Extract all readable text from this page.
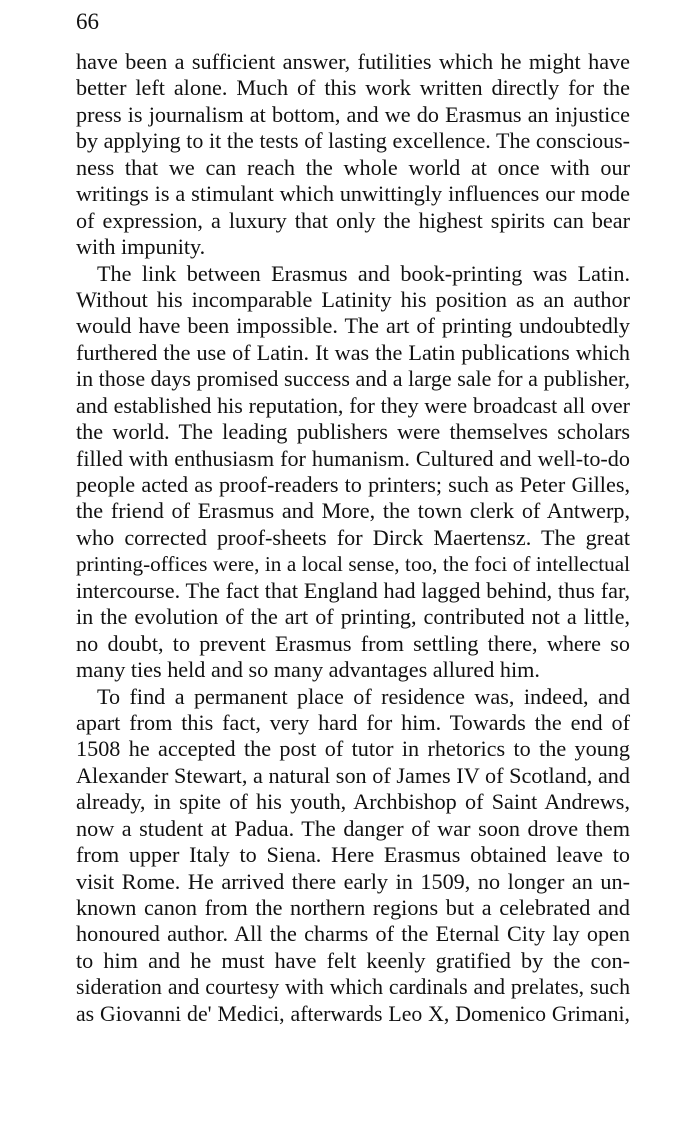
66
have been a sufficient answer, futilities which he might have
better left alone. Much of this work written directly for the
press is journalism at bottom, and we do Erasmus an injustice
by applying to it the tests of lasting excellence. The conscious-
ness that we can reach the whole world at once with our
writings is a stimulant which unwittingly influences our mode
of expression, a luxury that only the highest spirits can bear
with impunity.
The link between Erasmus and book-printing was Latin.
Without his incomparable Latinity his position as an author
would have been impossible. The art of printing undoubtedly
furthered the use of Latin. It was the Latin publications which
in those days promised success and a large sale for a publisher,
and established his reputation, for they were broadcast all over
the world. The leading publishers were themselves scholars
filled with enthusiasm for humanism. Cultured and well-to-do
people acted as proof-readers to printers; such as Peter Gilles,
the friend of Erasmus and More, the town clerk of Antwerp,
who corrected proof-sheets for Dirck Maertensz. The great
printing-offices were, in a local sense, too, the foci of intellectual
intercourse. The fact that England had lagged behind, thus far,
in the evolution of the art of printing, contributed not a little,
no doubt, to prevent Erasmus from settling there, where so
many ties held and so many advantages allured him.
To find a permanent place of residence was, indeed, and
apart from this fact, very hard for him. Towards the end of
1508 he accepted the post of tutor in rhetorics to the young
Alexander Stewart, a natural son of James IV of Scotland, and
already, in spite of his youth, Archbishop of Saint Andrews,
now a student at Padua. The danger of war soon drove them
from upper Italy to Siena. Here Erasmus obtained leave to
visit Rome. He arrived there early in 1509, no longer an un-
known canon from the northern regions but a celebrated and
honoured author. All the charms of the Eternal City lay open
to him and he must have felt keenly gratified by the con-
sideration and courtesy with which cardinals and prelates, such
as Giovanni de' Medici, afterwards Leo X, Domenico Grimani,
